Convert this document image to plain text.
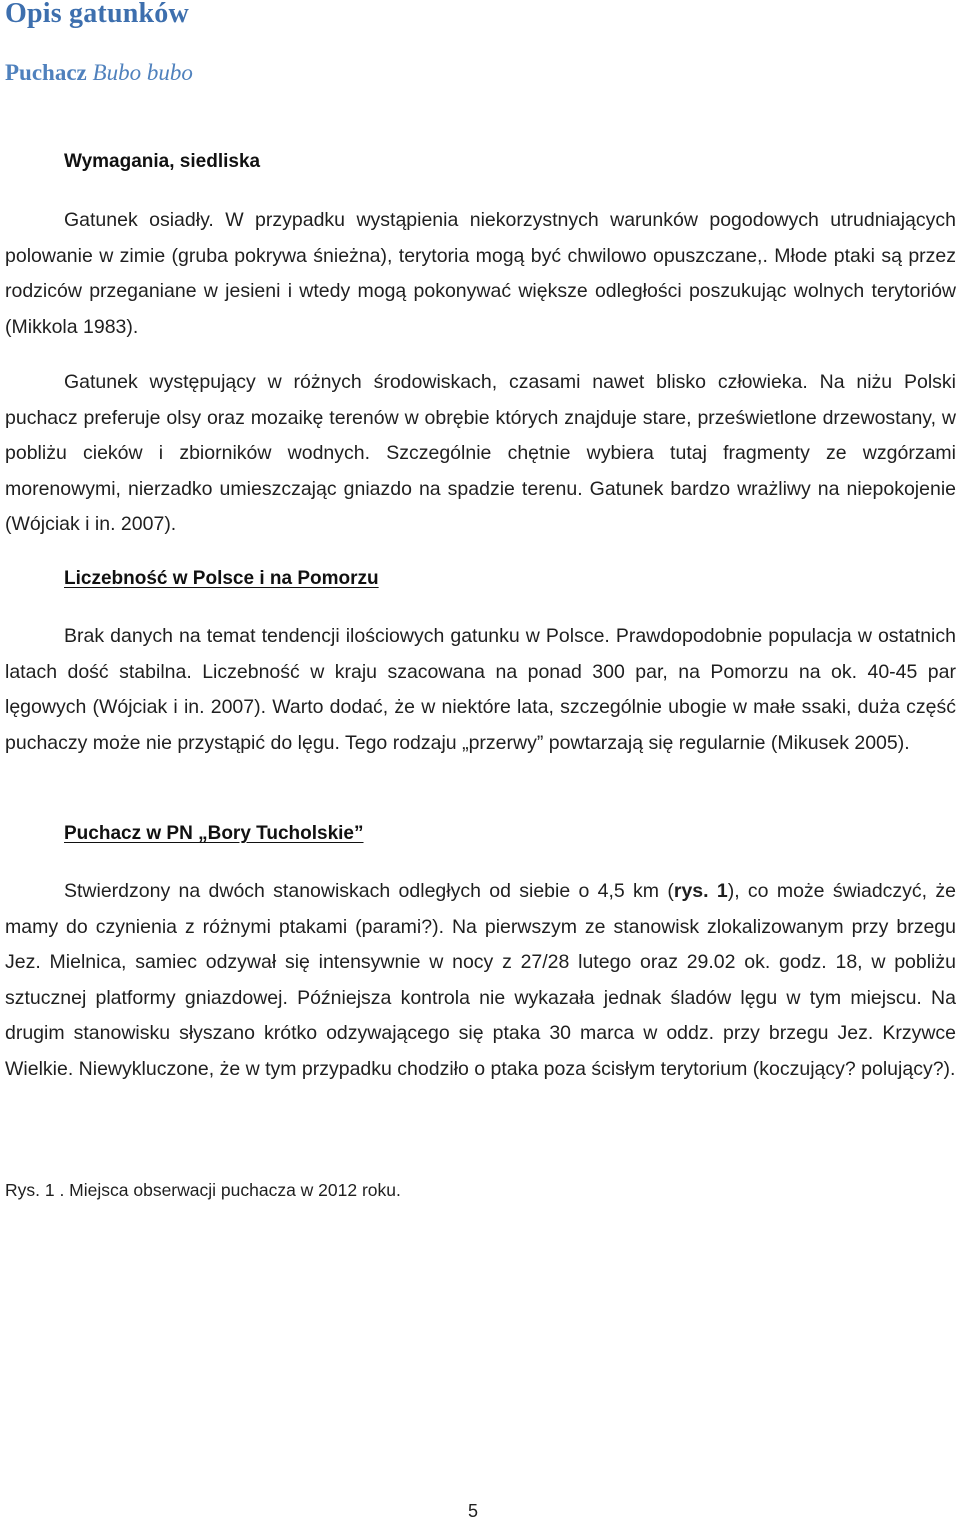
Opis gatunków
Puchacz Bubo bubo
Wymagania, siedliska

Gatunek osiadły. W przypadku wystąpienia niekorzystnych warunków pogodowych utrudniających polowanie w zimie (gruba pokrywa śnieżna), terytoria mogą być chwilowo opuszczane,. Młode ptaki są przez rodziców przeganiane w jesieni i wtedy mogą pokonywać większe odległości poszukując wolnych terytoriów (Mikkola 1983).

Gatunek występujący w różnych środowiskach, czasami nawet blisko człowieka. Na niżu Polski puchacz preferuje olsy oraz mozaikę terenów w obrębie których znajduje stare, prześwietlone drzewostany, w pobliżu cieków i zbiorników wodnych. Szczególnie chętnie wybiera tutaj fragmenty ze wzgórzami morenowymi, nierzadko umieszczając gniazdo na spadzie terenu. Gatunek bardzo wrażliwy na niepokojenie (Wójciak i in. 2007).

Liczebność w Polsce i na Pomorzu

Brak danych na temat tendencji ilościowych gatunku w Polsce. Prawdopodobnie populacja w ostatnich latach dość stabilna. Liczebność w kraju szacowana na ponad 300 par, na Pomorzu na ok. 40-45 par lęgowych (Wójciak i in. 2007). Warto dodać, że w niektóre lata, szczególnie ubogie w małe ssaki, duża część puchaczy może nie przystąpić do lęgu. Tego rodzaju „przerwy” powtarzają się regularnie (Mikusek 2005).

Puchacz w PN „Bory Tucholskie”

Stwierdzony na dwóch stanowiskach odległych od siebie o 4,5 km (rys. 1), co może świadczyć, że mamy do czynienia z różnymi ptakami (parami?). Na pierwszym ze stanowisk zlokalizowanym przy brzegu Jez. Mielnica, samiec odzywał się intensywnie w nocy z 27/28 lutego oraz 29.02 ok. godz. 18, w pobliżu sztucznej platformy gniazdowej. Późniejsza kontrola nie wykazała jednak śladów lęgu w tym miejscu. Na drugim stanowisku słyszano krótko odzywającego się ptaka 30 marca w oddz. przy brzegu Jez. Krzywce Wielkie. Niewykluczone, że w tym przypadku chodziło o ptaka poza ścisłym terytorium (koczujący? polujący?).

Rys. 1 . Miejsca obserwacji puchacza w 2012 roku.
5
